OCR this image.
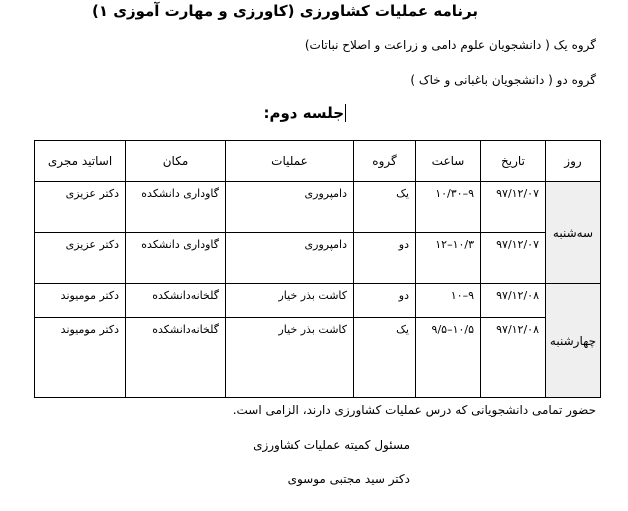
برنامه عملیات کشاورزی (کاورزی و مهارت آموزی ۱)
گروه یک ( دانشجویان علوم دامی و زراعت و اصلاح نباتات)
گروه دو ( دانشجویان باغبانی و خاک )
جلسه دوم:
روز	تاریخ	ساعت	گروه	عملیات	مکان	اساتید مجری
سه‌شنبه	۹۷/۱۲/۰۷	۹–۱۰/۳۰	یک	دامپروری	گاوداری دانشکده	دکتر عزیزی
	۹۷/۱۲/۰۷	۱۰/۳–۱۲	دو	دامپروری	گاوداری دانشکده	دکتر عزیزی
چهارشنبه	۹۷/۱۲/۰۸	۹–۱۰	دو	کاشت بذر خیار	گلخانه‌دانشکده	دکتر مومیوند
	۹۷/۱۲/۰۸	۱۰/۵–۹/۵	یک	کاشت بذر خیار	گلخانه‌دانشکده	دکتر مومیوند
حضور تمامی دانشجویانی که درس عملیات کشاورزی دارند، الزامی است.
مسئول کمیته عملیات کشاورزی
دکتر سید مجتبی موسوی
